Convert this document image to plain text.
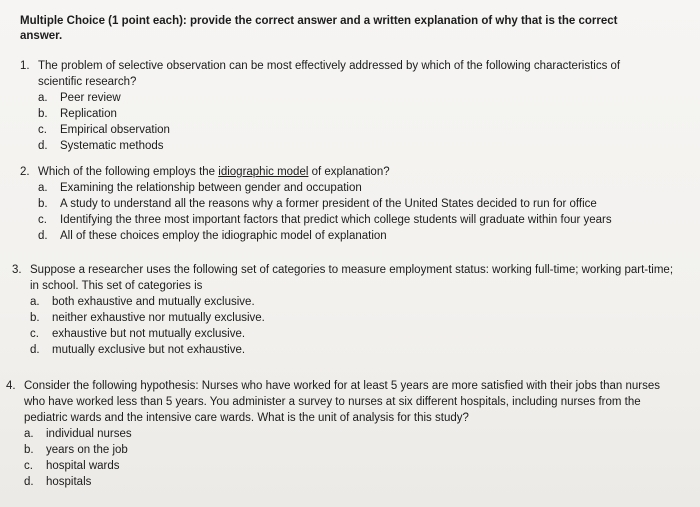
Multiple Choice (1 point each): provide the correct answer and a written explanation of why that is the correct answer.
1. The problem of selective observation can be most effectively addressed by which of the following characteristics of scientific research?
a.	Peer review
b.	Replication
c.	Empirical observation
d.	Systematic methods
2. Which of the following employs the idiographic model of explanation?
a.	Examining the relationship between gender and occupation
b.	A study to understand all the reasons why a former president of the United States decided to run for office
c.	Identifying the three most important factors that predict which college students will graduate within four years
d.	All of these choices employ the idiographic model of explanation
3. Suppose a researcher uses the following set of categories to measure employment status: working full-time; working part-time; in school. This set of categories is
a.	both exhaustive and mutually exclusive.
b.	neither exhaustive nor mutually exclusive.
c.	exhaustive but not mutually exclusive.
d.	mutually exclusive but not exhaustive.
4. Consider the following hypothesis: Nurses who have worked for at least 5 years are more satisfied with their jobs than nurses who have worked less than 5 years. You administer a survey to nurses at six different hospitals, including nurses from the pediatric wards and the intensive care wards. What is the unit of analysis for this study?
a.	individual nurses
b.	years on the job
c.	hospital wards
d.	hospitals
